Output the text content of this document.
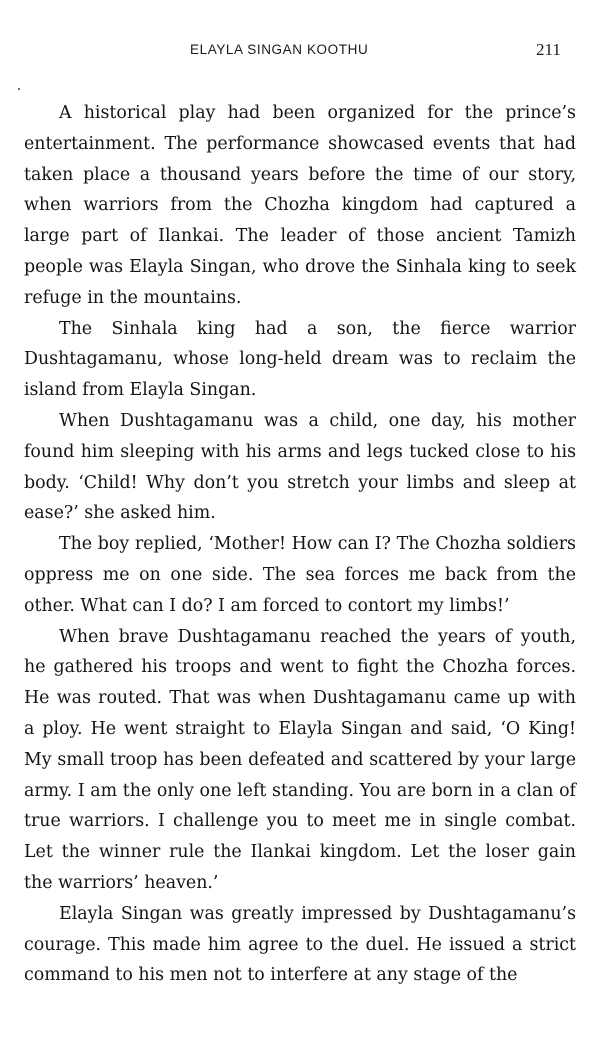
ELAYLA SINGAN KOOTHU	211

A historical play had been organized for the prince’s entertainment. The performance showcased events that had taken place a thousand years before the time of our story, when warriors from the Chozha kingdom had captured a large part of Ilankai. The leader of those ancient Tamizh people was Elayla Singan, who drove the Sinhala king to seek refuge in the mountains.

The Sinhala king had a son, the fierce warrior Dushtagamanu, whose long-held dream was to reclaim the island from Elayla Singan.

When Dushtagamanu was a child, one day, his mother found him sleeping with his arms and legs tucked close to his body. ‘Child! Why don’t you stretch your limbs and sleep at ease?’ she asked him.

The boy replied, ‘Mother! How can I? The Chozha soldiers oppress me on one side. The sea forces me back from the other. What can I do? I am forced to contort my limbs!’

When brave Dushtagamanu reached the years of youth, he gathered his troops and went to fight the Chozha forces. He was routed. That was when Dushtagamanu came up with a ploy. He went straight to Elayla Singan and said, ‘O King! My small troop has been defeated and scattered by your large army. I am the only one left standing. You are born in a clan of true warriors. I challenge you to meet me in single combat. Let the winner rule the Ilankai kingdom. Let the loser gain the warriors’ heaven.’

Elayla Singan was greatly impressed by Dushtagamanu’s courage. This made him agree to the duel. He issued a strict command to his men not to interfere at any stage of the
